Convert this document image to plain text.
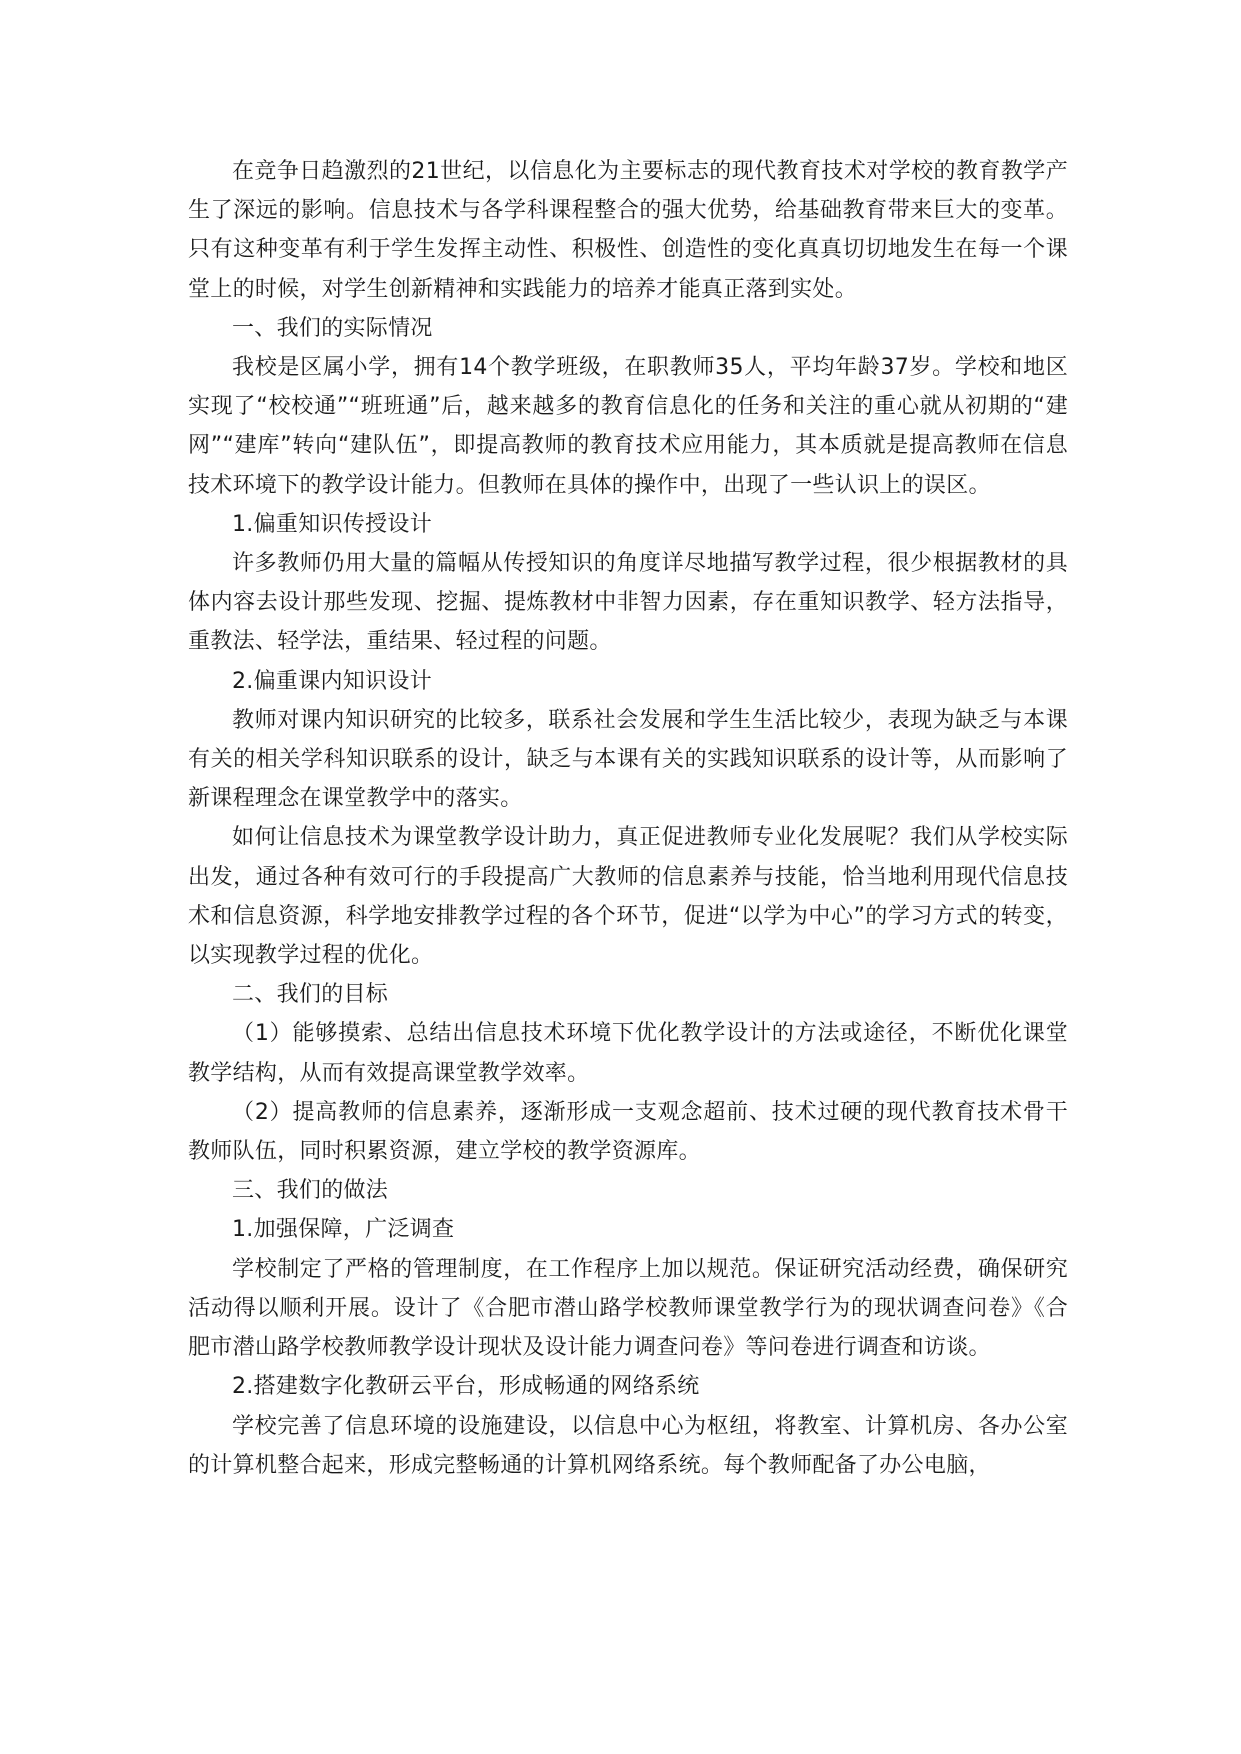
在竞争日趋激烈的21世纪，以信息化为主要标志的现代教育技术对学校的教育教学产生了深远的影响。信息技术与各学科课程整合的强大优势，给基础教育带来巨大的变革。只有这种变革有利于学生发挥主动性、积极性、创造性的变化真真切切地发生在每一个课堂上的时候，对学生创新精神和实践能力的培养才能真正落到实处。

一、我们的实际情况

我校是区属小学，拥有14个教学班级，在职教师35人，平均年龄37岁。学校和地区实现了“校校通”“班班通”后，越来越多的教育信息化的任务和关注的重心就从初期的“建网”“建库”转向“建队伍”，即提高教师的教育技术应用能力，其本质就是提高教师在信息技术环境下的教学设计能力。但教师在具体的操作中，出现了一些认识上的误区。

1.偏重知识传授设计

许多教师仍用大量的篇幅从传授知识的角度详尽地描写教学过程，很少根据教材的具体内容去设计那些发现、挖掘、提炼教材中非智力因素，存在重知识教学、轻方法指导，重教法、轻学法，重结果、轻过程的问题。

2.偏重课内知识设计

教师对课内知识研究的比较多，联系社会发展和学生生活比较少，表现为缺乏与本课有关的相关学科知识联系的设计，缺乏与本课有关的实践知识联系的设计等，从而影响了新课程理念在课堂教学中的落实。

如何让信息技术为课堂教学设计助力，真正促进教师专业化发展呢？我们从学校实际出发，通过各种有效可行的手段提高广大教师的信息素养与技能，恰当地利用现代信息技术和信息资源，科学地安排教学过程的各个环节，促进“以学为中心”的学习方式的转变，以实现教学过程的优化。

二、我们的目标

（1）能够摸索、总结出信息技术环境下优化教学设计的方法或途径，不断优化课堂教学结构，从而有效提高课堂教学效率。

（2）提高教师的信息素养，逐渐形成一支观念超前、技术过硬的现代教育技术骨干教师队伍，同时积累资源，建立学校的教学资源库。

三、我们的做法

1.加强保障，广泛调查

学校制定了严格的管理制度，在工作程序上加以规范。保证研究活动经费，确保研究活动得以顺利开展。设计了《合肥市潜山路学校教师课堂教学行为的现状调查问卷》《合肥市潜山路学校教师教学设计现状及设计能力调查问卷》等问卷进行调查和访谈。

2.搭建数字化教研云平台，形成畅通的网络系统

学校完善了信息环境的设施建设，以信息中心为枢纽，将教室、计算机房、各办公室的计算机整合起来，形成完整畅通的计算机网络系统。每个教师配备了办公电脑，
